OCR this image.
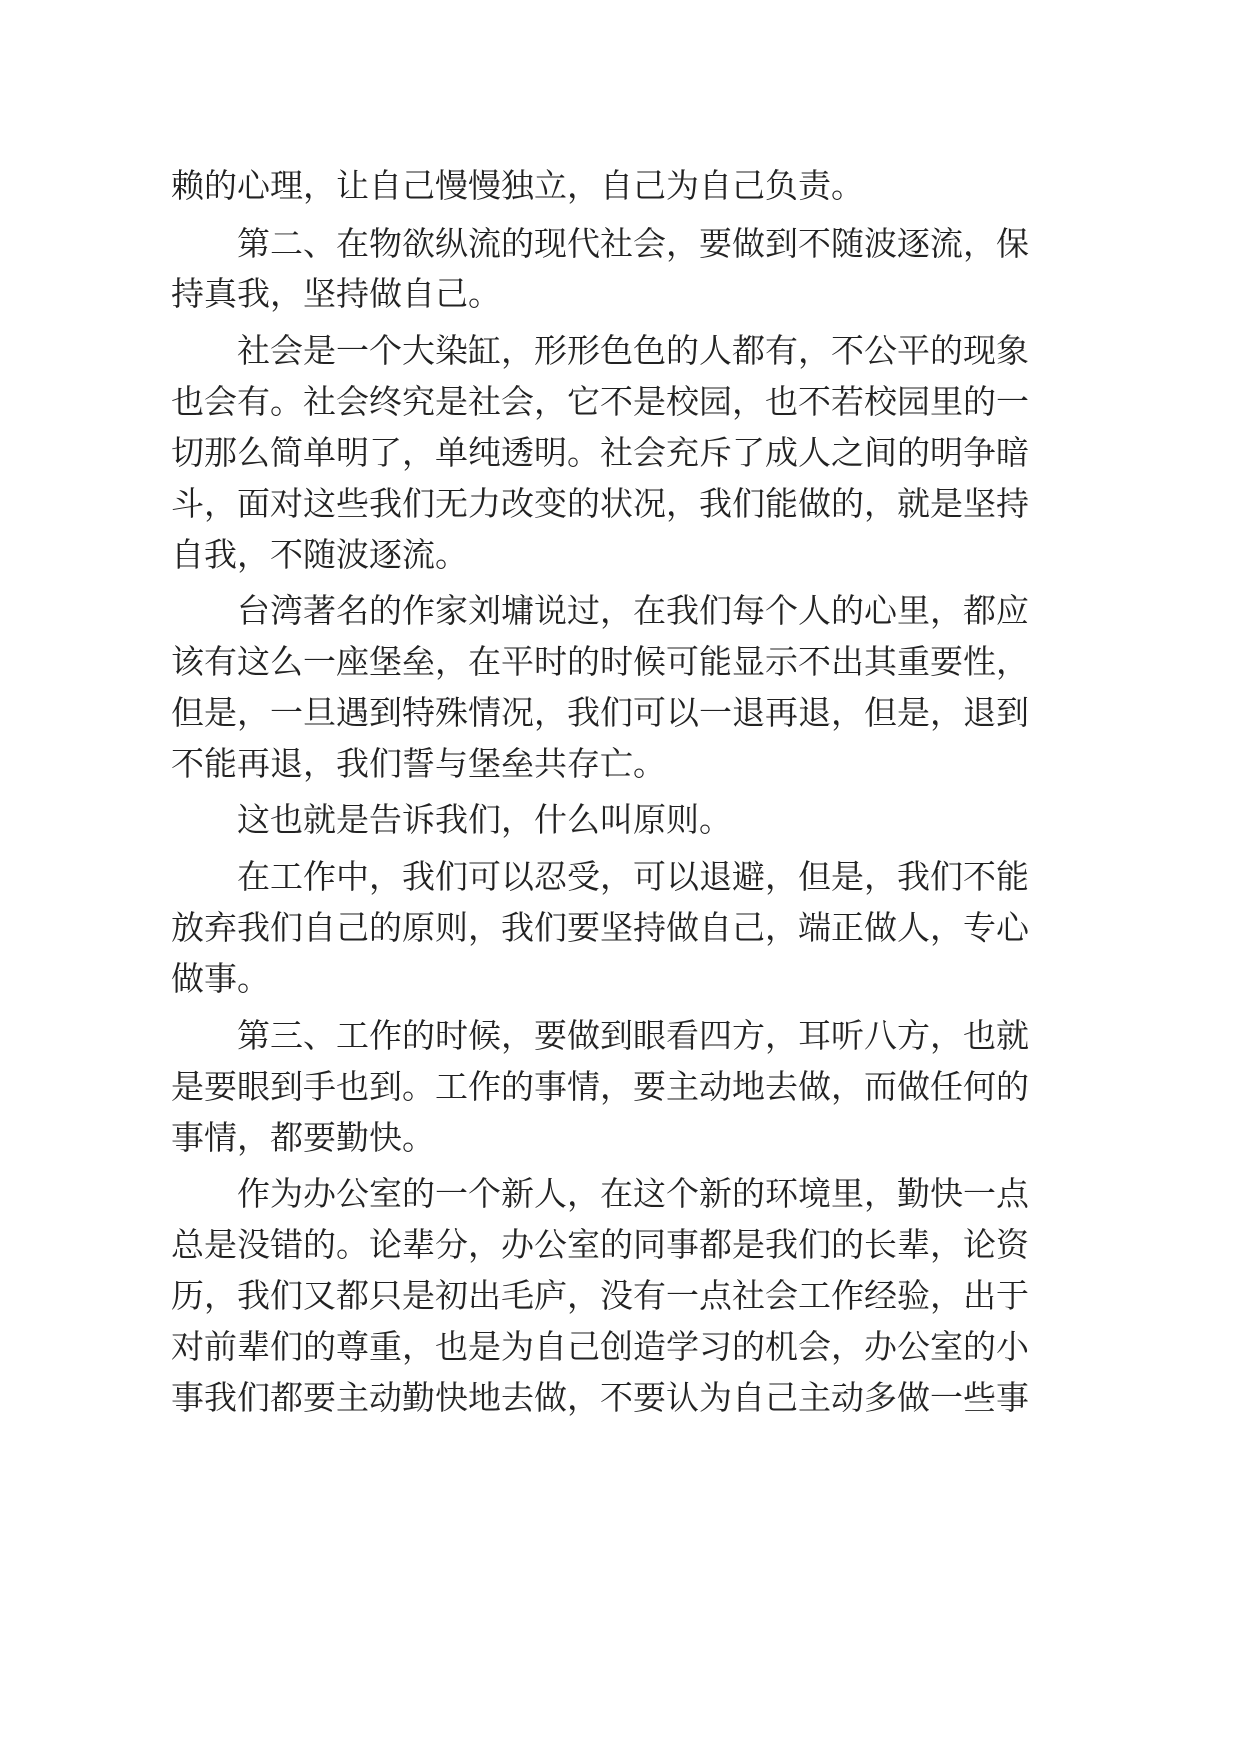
赖的心理，让自己慢慢独立，自己为自己负责。
第二、在物欲纵流的现代社会，要做到不随波逐流，保
持真我，坚持做自己。
社会是一个大染缸，形形色色的人都有，不公平的现象
也会有。社会终究是社会，它不是校园，也不若校园里的一
切那么简单明了，单纯透明。社会充斥了成人之间的明争暗
斗，面对这些我们无力改变的状况，我们能做的，就是坚持
自我，不随波逐流。
台湾著名的作家刘墉说过，在我们每个人的心里，都应
该有这么一座堡垒，在平时的时候可能显示不出其重要性，
但是，一旦遇到特殊情况，我们可以一退再退，但是，退到
不能再退，我们誓与堡垒共存亡。
这也就是告诉我们，什么叫原则。
在工作中，我们可以忍受，可以退避，但是，我们不能
放弃我们自己的原则，我们要坚持做自己，端正做人，专心
做事。
第三、工作的时候，要做到眼看四方，耳听八方，也就
是要眼到手也到。工作的事情，要主动地去做，而做任何的
事情，都要勤快。
作为办公室的一个新人，在这个新的环境里，勤快一点
总是没错的。论辈分，办公室的同事都是我们的长辈，论资
历，我们又都只是初出毛庐，没有一点社会工作经验，出于
对前辈们的尊重，也是为自己创造学习的机会，办公室的小
事我们都要主动勤快地去做，不要认为自己主动多做一些事
